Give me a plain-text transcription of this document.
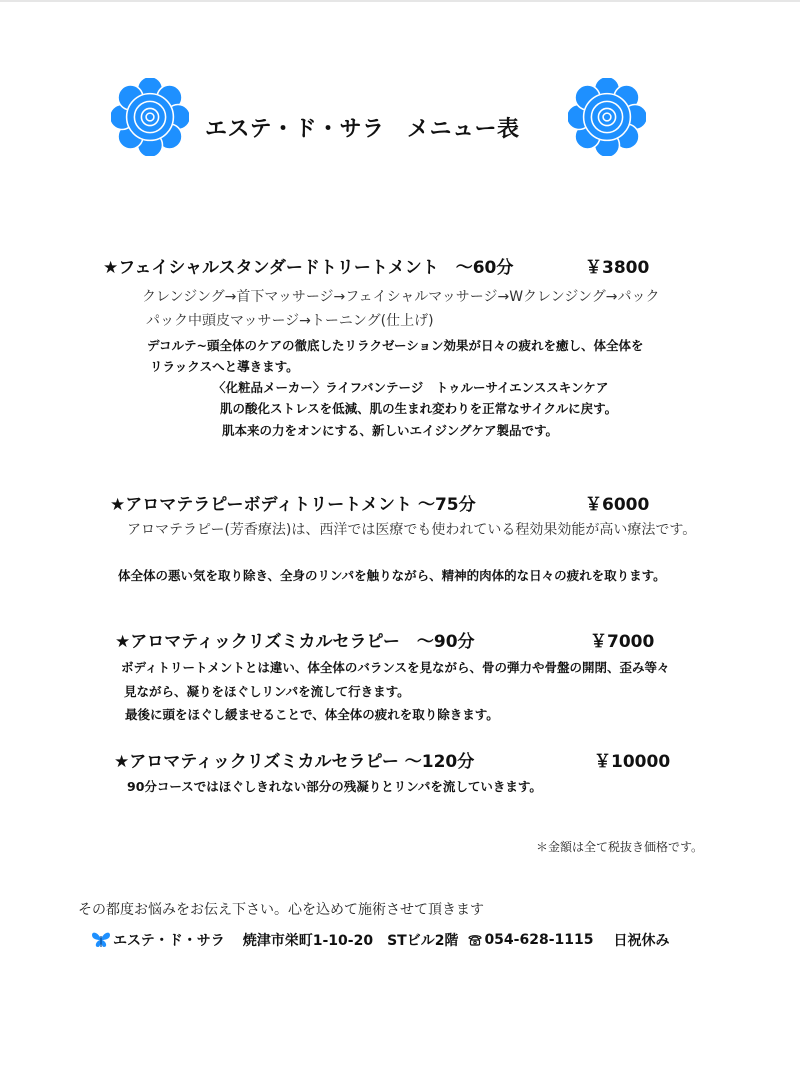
エステ・ド・サラ　メニュー表
★フェイシャルスタンダードトリートメント　～60分	￥3800
クレンジング→首下マッサージ→フェイシャルマッサージ→Wクレンジング→パック
パック中頭皮マッサージ→トーニング(仕上げ)
デコルテ~頭全体のケアの徹底したリラクゼーション効果が日々の疲れを癒し、体全体を
リラックスへと導きます。
〈化粧品メーカー〉ライフバンテージ　トゥルーサイエンススキンケア
肌の酸化ストレスを低減、肌の生まれ変わりを正常なサイクルに戻す。
肌本来の力をオンにする、新しいエイジングケア製品です。
★アロマテラピーボディトリートメント ～75分	￥6000
アロマテラピー(芳香療法)は、西洋では医療でも使われている程効果効能が高い療法です。
体全体の悪い気を取り除き、全身のリンパを触りながら、精神的肉体的な日々の疲れを取ります。
★アロマティックリズミカルセラピー　～90分	￥7000
ボディトリートメントとは違い、体全体のバランスを見ながら、骨の弾力や骨盤の開閉、歪み等々
見ながら、凝りをほぐしリンパを流して行きます。
最後に頭をほぐし緩ませることで、体全体の疲れを取り除きます。
★アロマティックリズミカルセラピー ～120分	￥10000
90分コースではほぐしきれない部分の残凝りとリンパを流していきます。
＊金額は全て税抜き価格です。
その都度お悩みをお伝え下さい。心を込めて施術させて頂きます
エステ・ド・サラ 焼津市栄町1-10-20 STビル2階 054-628-1115 日祝休み
